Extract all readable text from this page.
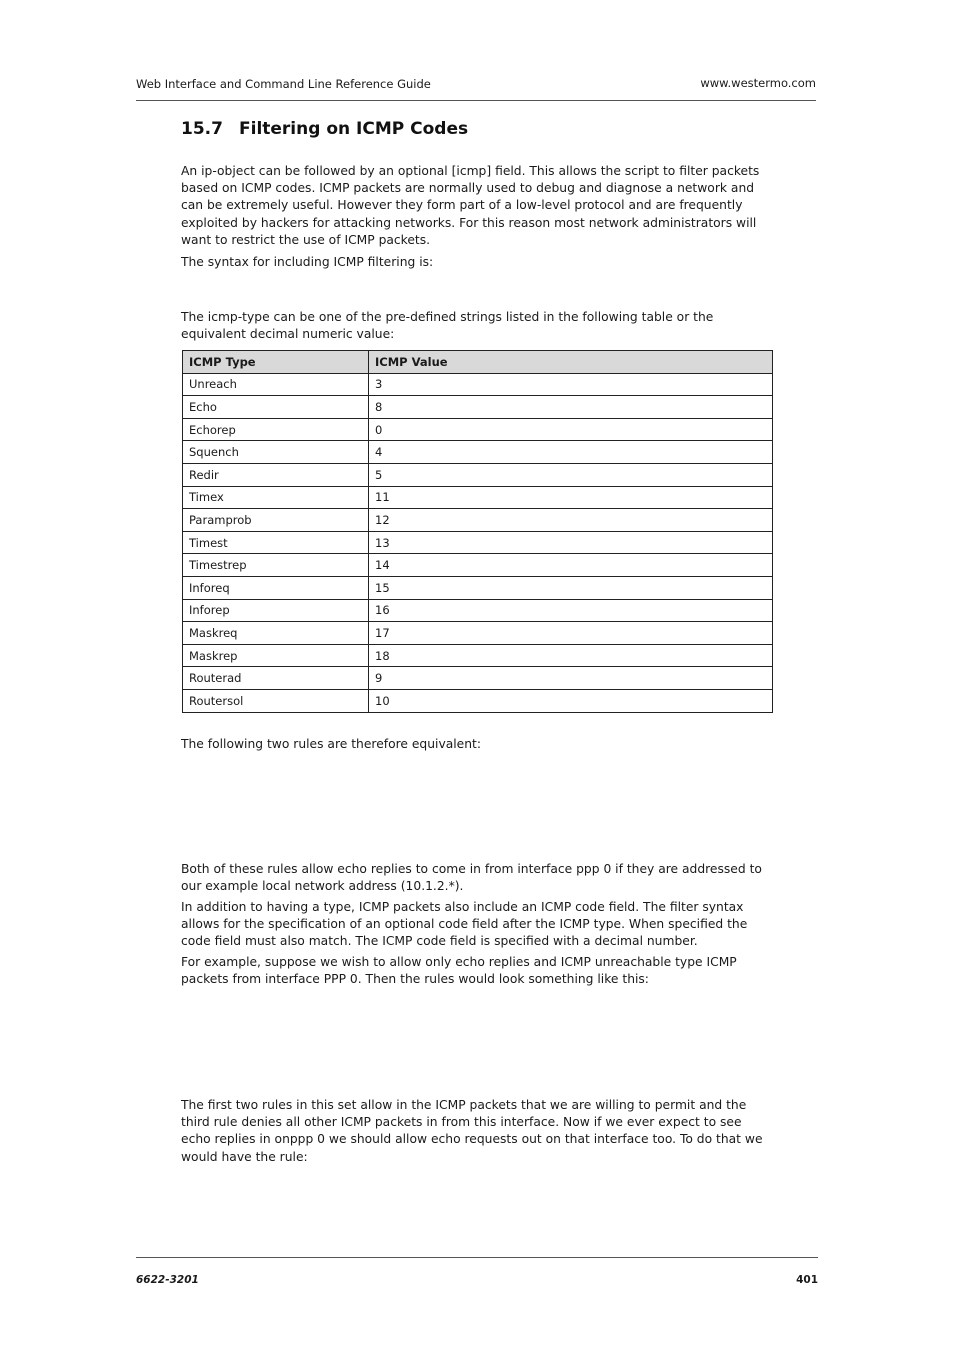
Web Interface and Command Line Reference Guide	www.westermo.com
15.7 Filtering on ICMP Codes
An ip-object can be followed by an optional [icmp] field. This allows the script to filter packets based on ICMP codes. ICMP packets are normally used to debug and diagnose a network and can be extremely useful. However they form part of a low-level protocol and are frequently exploited by hackers for attacking networks. For this reason most network administrators will want to restrict the use of ICMP packets.
The syntax for including ICMP filtering is:
The icmp-type can be one of the pre-defined strings listed in the following table or the equivalent decimal numeric value:
ICMP Type	ICMP Value
Unreach	3
Echo	8
Echorep	0
Squench	4
Redir	5
Timex	11
Paramprob	12
Timest	13
Timestrep	14
Inforeq	15
Inforep	16
Maskreq	17
Maskrep	18
Routerad	9
Routersol	10
The following two rules are therefore equivalent:
Both of these rules allow echo replies to come in from interface ppp 0 if they are addressed to our example local network address (10.1.2.*).
In addition to having a type, ICMP packets also include an ICMP code field. The filter syntax allows for the specification of an optional code field after the ICMP type. When specified the code field must also match. The ICMP code field is specified with a decimal number.
For example, suppose we wish to allow only echo replies and ICMP unreachable type ICMP packets from interface PPP 0. Then the rules would look something like this:
The first two rules in this set allow in the ICMP packets that we are willing to permit and the third rule denies all other ICMP packets in from this interface. Now if we ever expect to see echo replies in onppp 0 we should allow echo requests out on that interface too. To do that we would have the rule:
6622-3201	401
